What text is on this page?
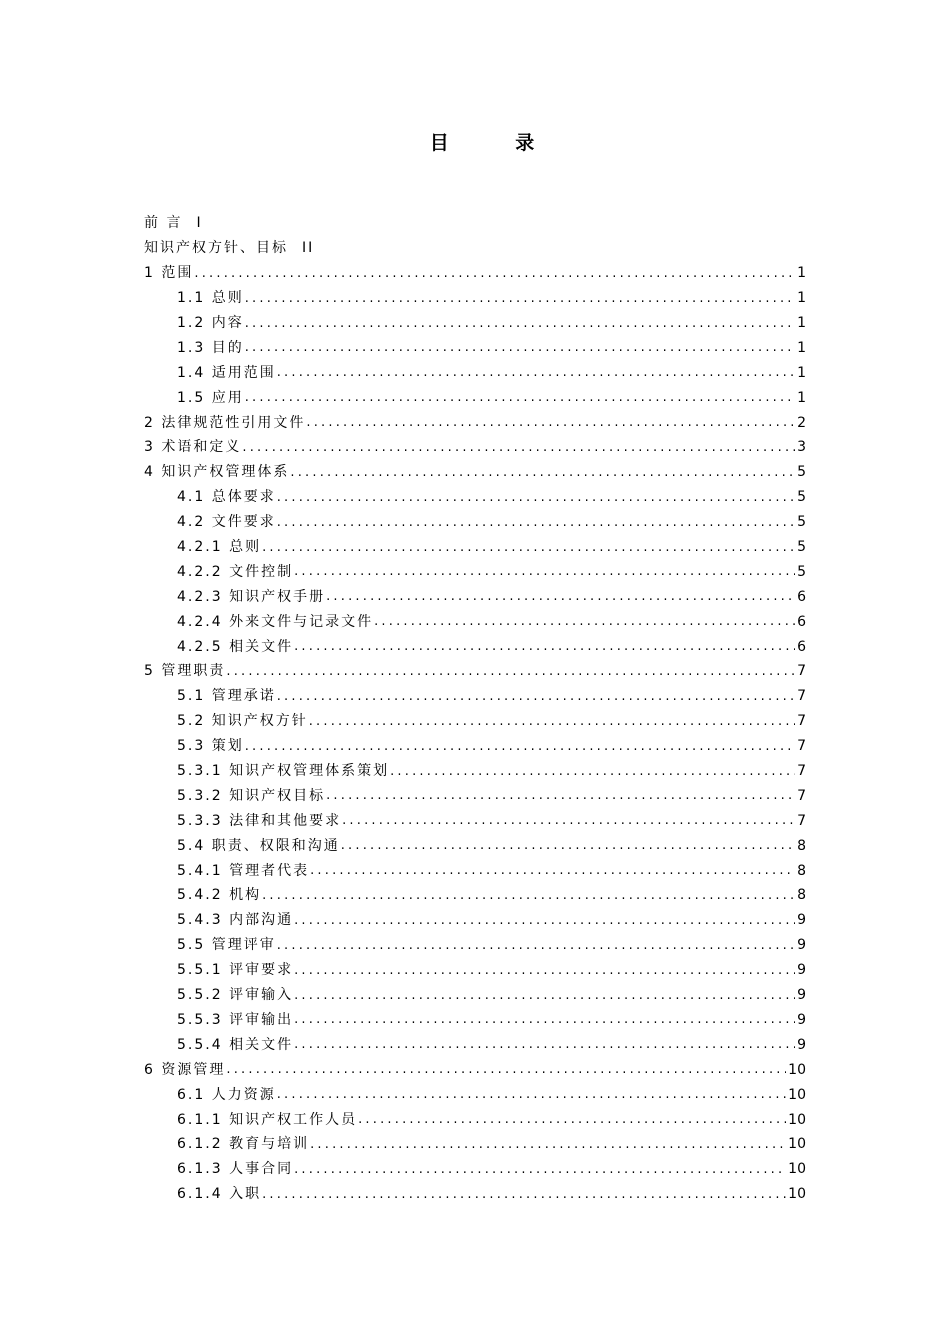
目 录
前 言 I
知识产权方针、目标 II
1 范围 .....	1
1.1 总则 .....	1
1.2 内容 .....	1
1.3 目的 .....	1
1.4 适用范围 .....	1
1.5 应用 .....	1
2 法律规范性引用文件 .....	2
3 术语和定义 .....	3
4 知识产权管理体系 .....	5
4.1 总体要求 .....	5
4.2 文件要求 .....	5
4.2.1 总则 .....	5
4.2.2 文件控制 .....	5
4.2.3 知识产权手册 .....	6
4.2.4 外来文件与记录文件 .....	6
4.2.5 相关文件 .....	6
5 管理职责 .....	7
5.1 管理承诺 .....	7
5.2 知识产权方针 .....	7
5.3 策划 .....	7
5.3.1 知识产权管理体系策划 .....	7
5.3.2 知识产权目标 .....	7
5.3.3 法律和其他要求 .....	7
5.4 职责、权限和沟通 .....	8
5.4.1 管理者代表 .....	8
5.4.2 机构 .....	8
5.4.3 内部沟通 .....	9
5.5 管理评审 .....	9
5.5.1 评审要求 .....	9
5.5.2 评审输入 .....	9
5.5.3 评审输出 .....	9
5.5.4 相关文件 .....	9
6 资源管理 .....	10
6.1 人力资源 .....	10
6.1.1 知识产权工作人员 .....	10
6.1.2 教育与培训 .....	10
6.1.3 人事合同 .....	10
6.1.4 入职 .....	10
